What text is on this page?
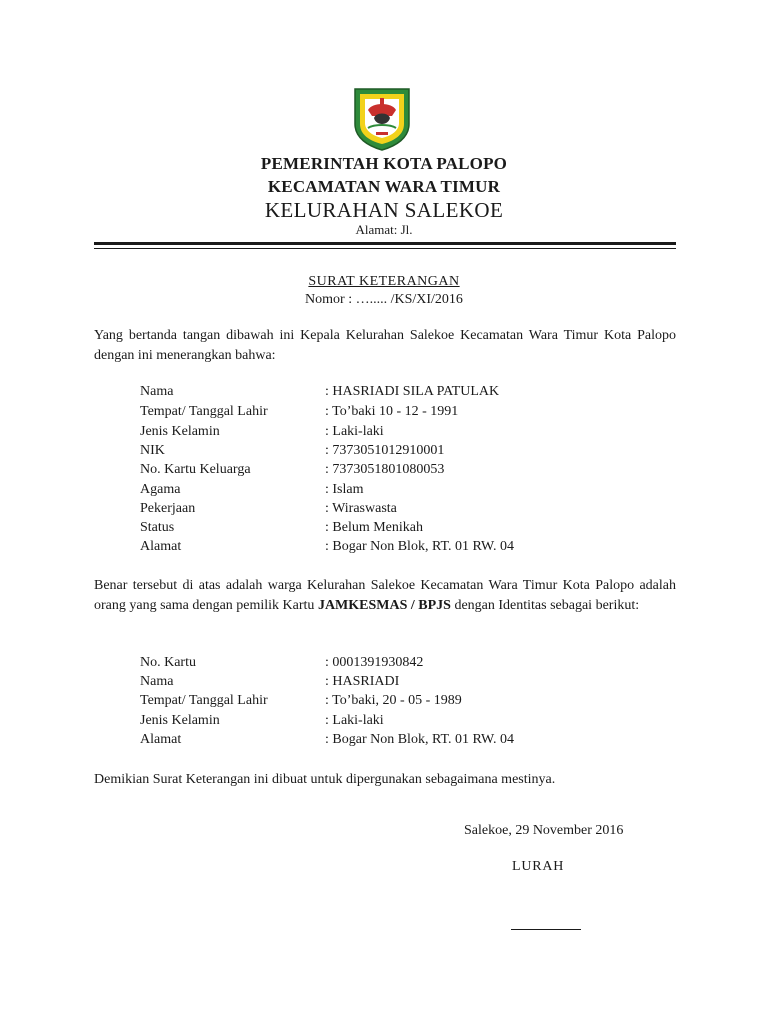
PEMERINTAH KOTA PALOPO
KECAMATAN WARA TIMUR
KELURAHAN SALEKOE
Alamat: Jl.
SURAT KETERANGAN
Nomor : …..... /KS/XI/2016
Yang bertanda tangan dibawah ini Kepala Kelurahan Salekoe Kecamatan Wara Timur Kota Palopo dengan ini menerangkan bahwa:
Nama	: HASRIADI SILA PATULAK
Tempat/ Tanggal Lahir	: To’baki 10 - 12 - 1991
Jenis Kelamin	: Laki-laki
NIK	: 7373051012910001
No. Kartu Keluarga	: 7373051801080053
Agama	: Islam
Pekerjaan	: Wiraswasta
Status	: Belum Menikah
Alamat	: Bogar Non Blok, RT. 01 RW. 04
Benar tersebut di atas adalah warga Kelurahan Salekoe Kecamatan Wara Timur Kota Palopo adalah orang yang sama dengan pemilik Kartu JAMKESMAS / BPJS dengan Identitas sebagai berikut:
No. Kartu	: 0001391930842
Nama	: HASRIADI
Tempat/ Tanggal Lahir	: To’baki, 20 - 05 - 1989
Jenis Kelamin	: Laki-laki
Alamat	: Bogar Non Blok, RT. 01 RW. 04
Demikian Surat Keterangan ini dibuat untuk dipergunakan sebagaimana mestinya.
Salekoe, 29 November 2016
LURAH
